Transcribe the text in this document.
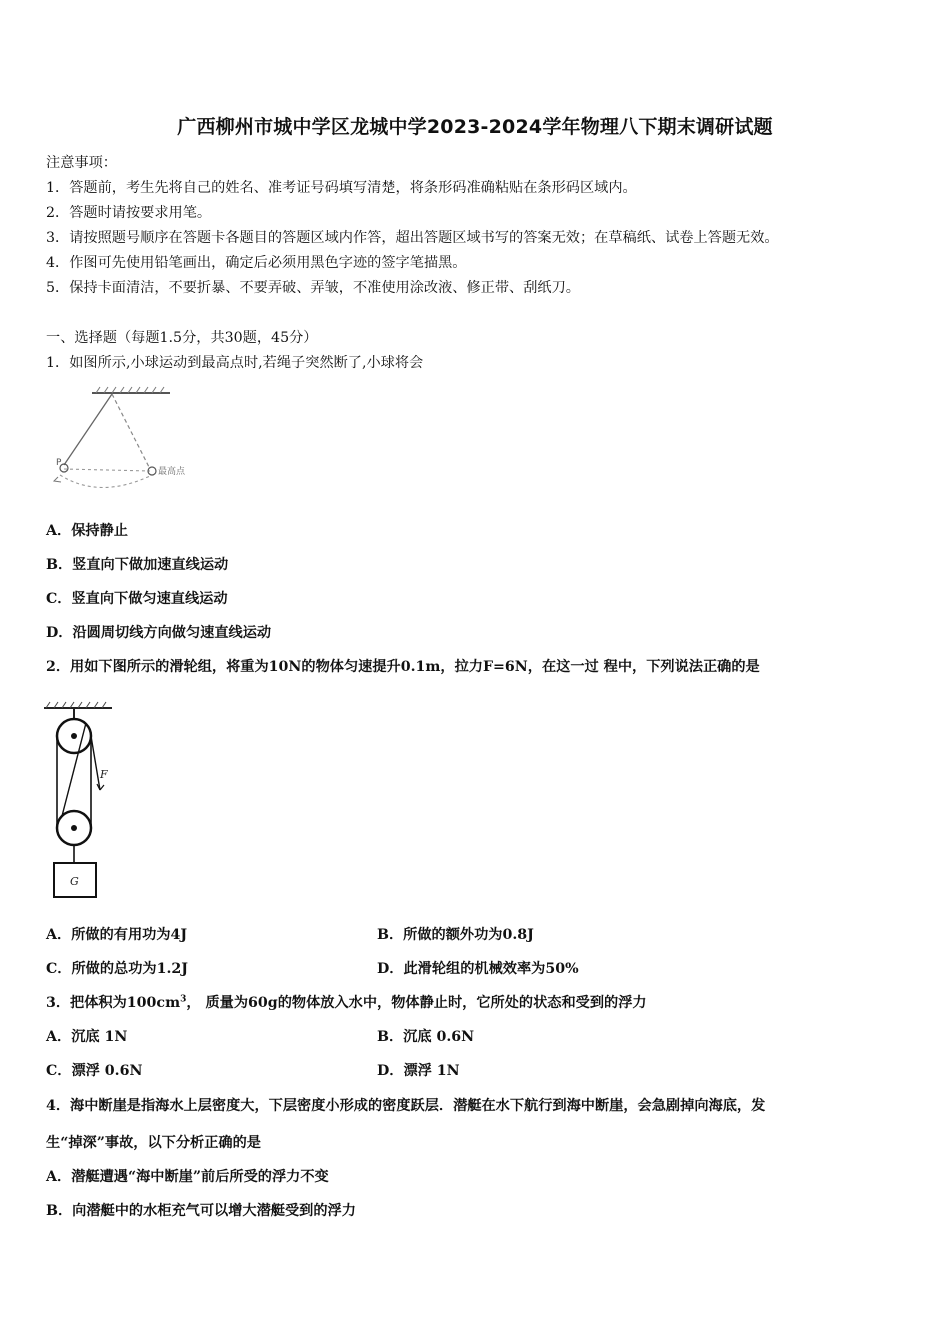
广西柳州市城中学区龙城中学2023-2024学年物理八下期末调研试题
注意事项：
1．答题前，考生先将自己的姓名、准考证号码填写清楚，将条形码准确粘贴在条形码区域内。
2．答题时请按要求用笔。
3．请按照题号顺序在答题卡各题目的答题区域内作答，超出答题区域书写的答案无效；在草稿纸、试卷上答题无效。
4．作图可先使用铅笔画出，确定后必须用黑色字迹的签字笔描黑。
5．保持卡面清洁，不要折暴、不要弄破、弄皱，不准使用涂改液、修正带、刮纸刀。
一、选择题（每题1.5分，共30题，45分）
1．如图所示,小球运动到最高点时,若绳子突然断了,小球将会
P
最高点
A．保持静止
B．竖直向下做加速直线运动
C．竖直向下做匀速直线运动
D．沿圆周切线方向做匀速直线运动
2．用如下图所示的滑轮组，将重为10N的物体匀速提升0.1m，拉力F=6N，在这一过 程中，下列说法正确的是
F
G
A．所做的有用功为4J	B．所做的额外功为0.8J
C．所做的总功为1.2J	D．此滑轮组的机械效率为50%
3．把体积为$100cm^3$， 质量为60g的物体放入水中，物体静止时，它所处的状态和受到的浮力
A．沉底 1N	B．沉底 0.6N
C．漂浮 0.6N	D．漂浮 1N
4．海中断崖是指海水上层密度大，下层密度小形成的密度跃层．潜艇在水下航行到海中断崖，会急剧掉向海底，发
生“掉深”事故，以下分析正确的是
A．潜艇遭遇“海中断崖”前后所受的浮力不变
B．向潜艇中的水柜充气可以增大潜艇受到的浮力
